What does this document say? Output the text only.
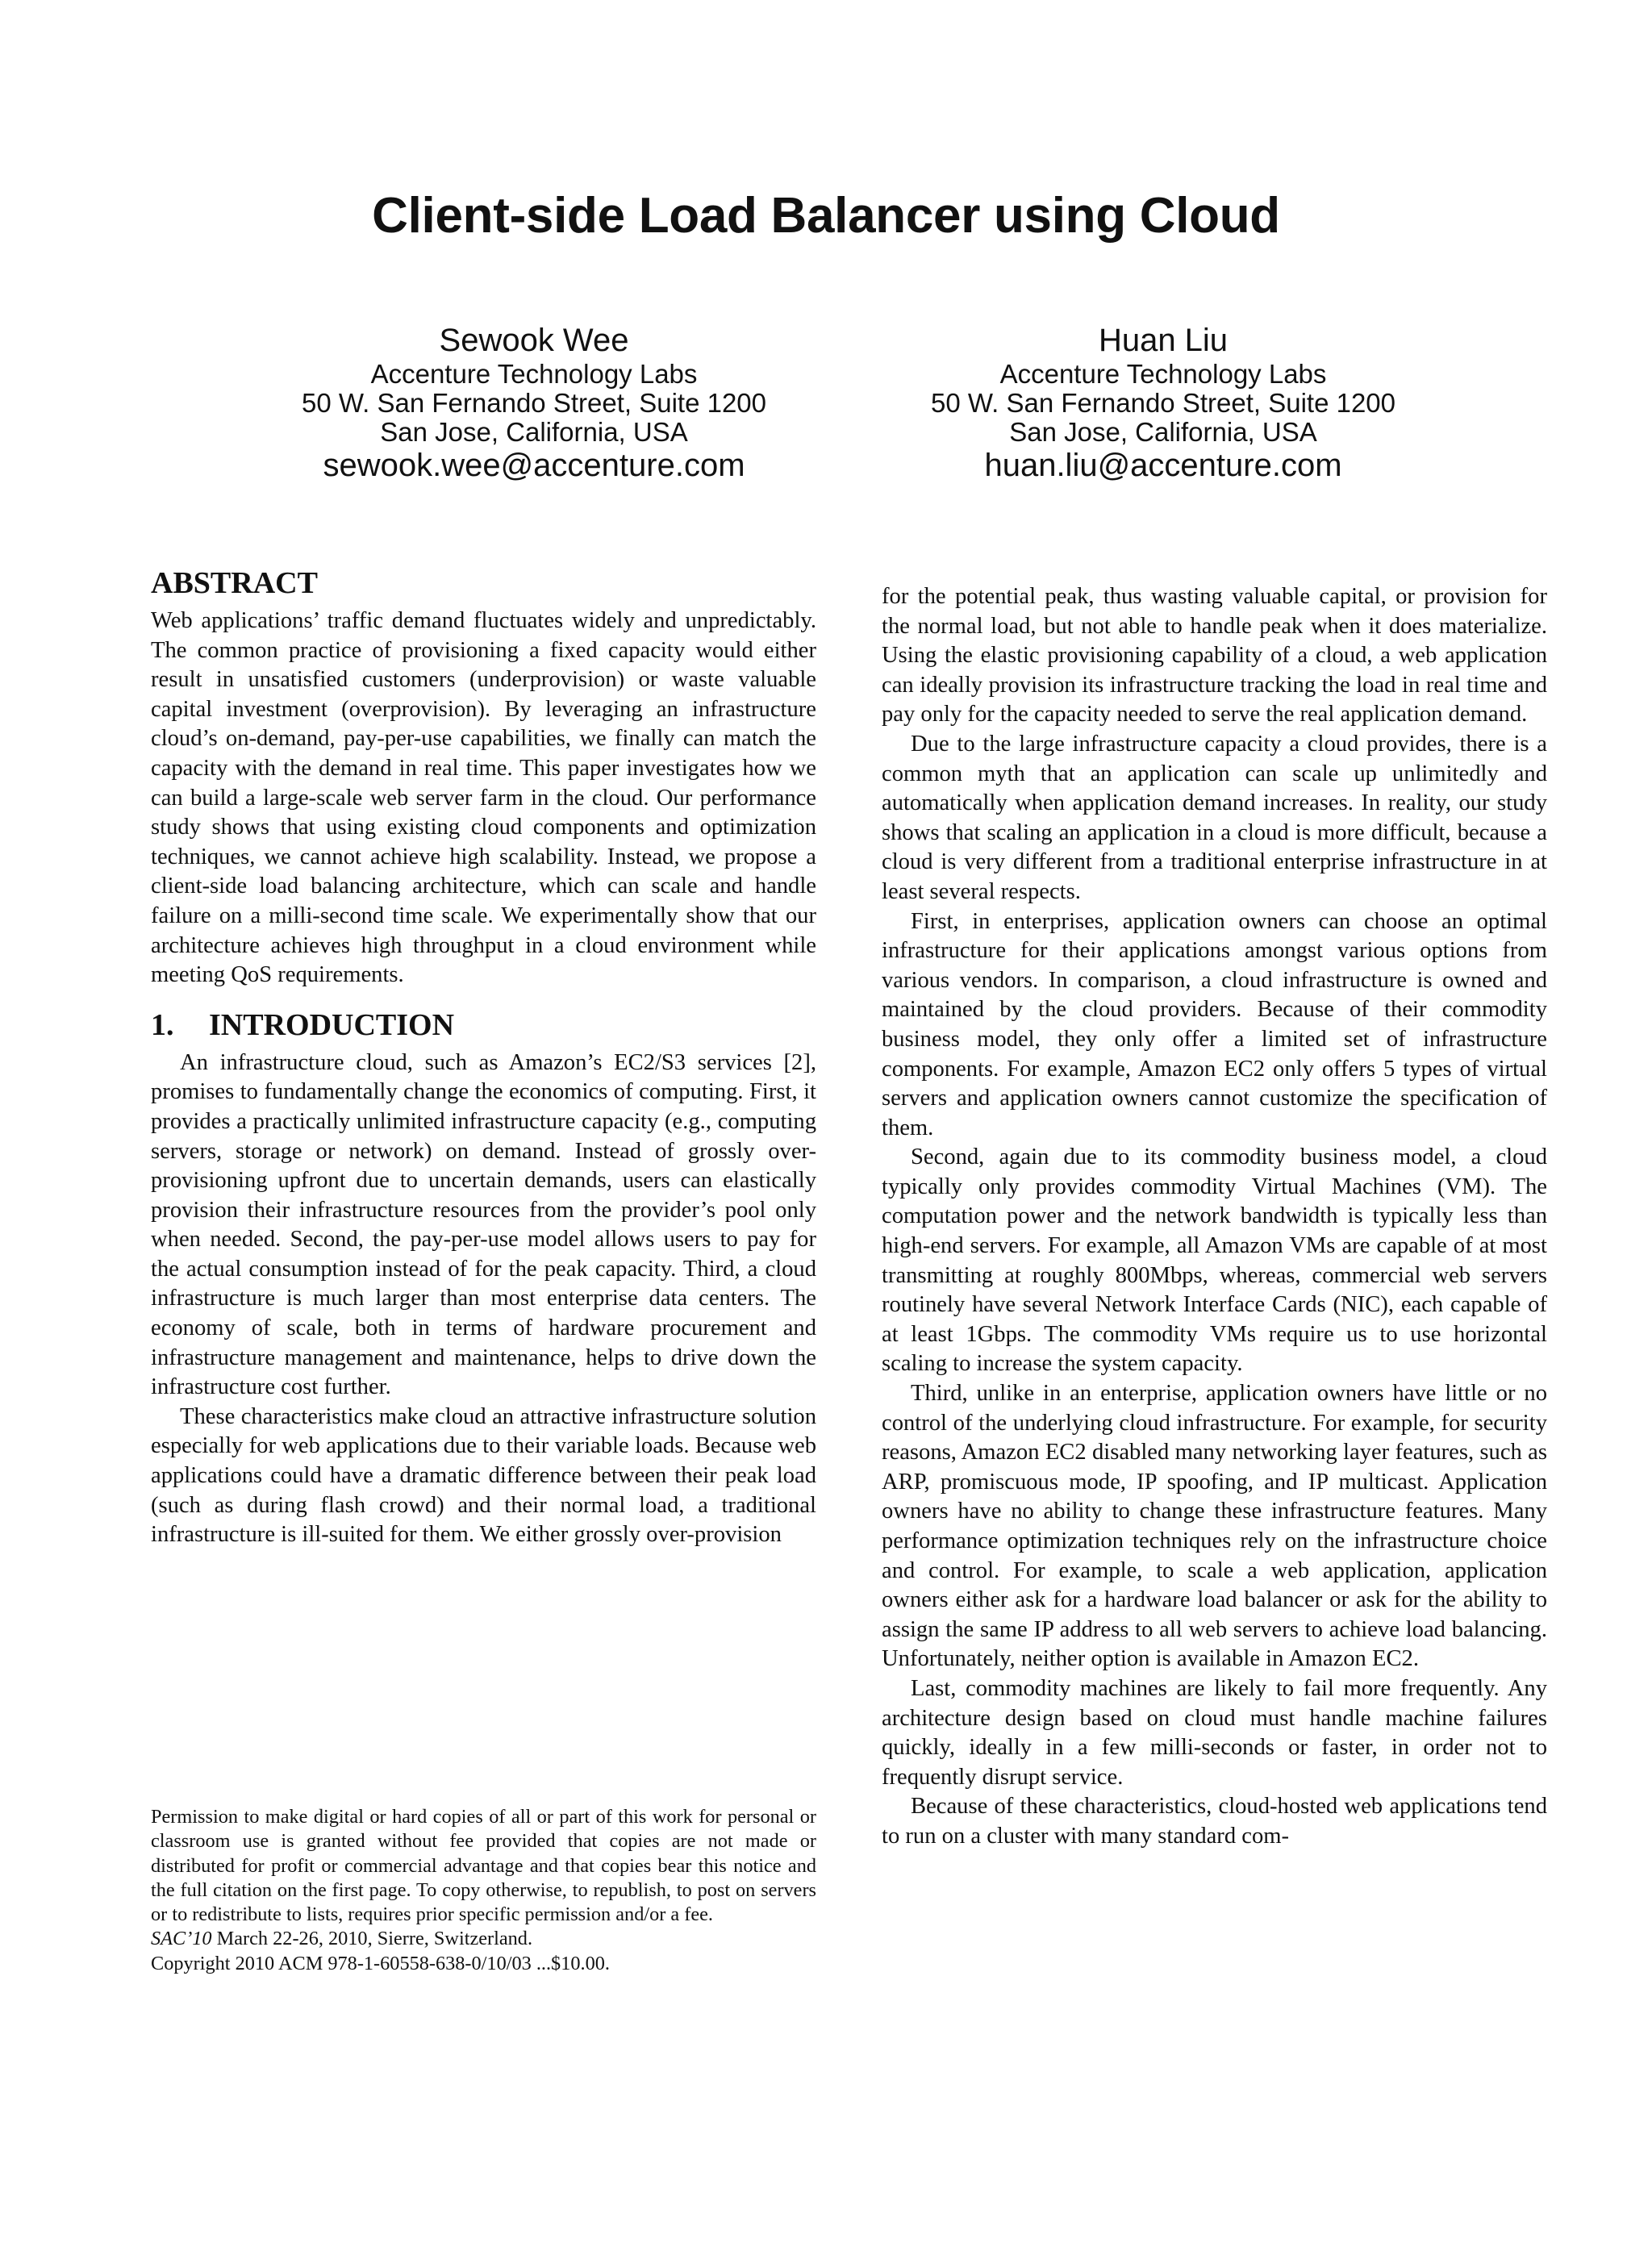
Client-side Load Balancer using Cloud
Sewook Wee
Accenture Technology Labs
50 W. San Fernando Street, Suite 1200
San Jose, California, USA
sewook.wee@accenture.com
Huan Liu
Accenture Technology Labs
50 W. San Fernando Street, Suite 1200
San Jose, California, USA
huan.liu@accenture.com
ABSTRACT

Web applications’ traffic demand fluctuates widely and unpredictably. The common practice of provisioning a fixed capacity would either result in unsatisfied customers (underprovision) or waste valuable capital investment (overprovision). By leveraging an infrastructure cloud’s on-demand, pay-per-use capabilities, we finally can match the capacity with the demand in real time. This paper investigates how we can build a large-scale web server farm in the cloud. Our performance study shows that using existing cloud components and optimization techniques, we cannot achieve high scalability. Instead, we propose a client-side load balancing architecture, which can scale and handle failure on a milli-second time scale. We experimentally show that our architecture achieves high throughput in a cloud environment while meeting QoS requirements.

1. INTRODUCTION

An infrastructure cloud, such as Amazon’s EC2/S3 services [2], promises to fundamentally change the economics of computing. First, it provides a practically unlimited infrastructure capacity (e.g., computing servers, storage or network) on demand. Instead of grossly over-provisioning upfront due to uncertain demands, users can elastically provision their infrastructure resources from the provider’s pool only when needed. Second, the pay-per-use model allows users to pay for the actual consumption instead of for the peak capacity. Third, a cloud infrastructure is much larger than most enterprise data centers. The economy of scale, both in terms of hardware procurement and infrastructure management and maintenance, helps to drive down the infrastructure cost further.

These characteristics make cloud an attractive infrastructure solution especially for web applications due to their variable loads. Because web applications could have a dramatic difference between their peak load (such as during flash crowd) and their normal load, a traditional infrastructure is ill-suited for them. We either grossly over-provision

for the potential peak, thus wasting valuable capital, or provision for the normal load, but not able to handle peak when it does materialize. Using the elastic provisioning capability of a cloud, a web application can ideally provision its infrastructure tracking the load in real time and pay only for the capacity needed to serve the real application demand.

Due to the large infrastructure capacity a cloud provides, there is a common myth that an application can scale up unlimitedly and automatically when application demand increases. In reality, our study shows that scaling an application in a cloud is more difficult, because a cloud is very different from a traditional enterprise infrastructure in at least several respects.

First, in enterprises, application owners can choose an optimal infrastructure for their applications amongst various options from various vendors. In comparison, a cloud infrastructure is owned and maintained by the cloud providers. Because of their commodity business model, they only offer a limited set of infrastructure components. For example, Amazon EC2 only offers 5 types of virtual servers and application owners cannot customize the specification of them.

Second, again due to its commodity business model, a cloud typically only provides commodity Virtual Machines (VM). The computation power and the network bandwidth is typically less than high-end servers. For example, all Amazon VMs are capable of at most transmitting at roughly 800Mbps, whereas, commercial web servers routinely have several Network Interface Cards (NIC), each capable of at least 1Gbps. The commodity VMs require us to use horizontal scaling to increase the system capacity.

Third, unlike in an enterprise, application owners have little or no control of the underlying cloud infrastructure. For example, for security reasons, Amazon EC2 disabled many networking layer features, such as ARP, promiscuous mode, IP spoofing, and IP multicast. Application owners have no ability to change these infrastructure features. Many performance optimization techniques rely on the infrastructure choice and control. For example, to scale a web application, application owners either ask for a hardware load balancer or ask for the ability to assign the same IP address to all web servers to achieve load balancing. Unfortunately, neither option is available in Amazon EC2.

Last, commodity machines are likely to fail more frequently. Any architecture design based on cloud must handle machine failures quickly, ideally in a few milli-seconds or faster, in order not to frequently disrupt service.

Because of these characteristics, cloud-hosted web applications tend to run on a cluster with many standard com-

Permission to make digital or hard copies of all or part of this work for personal or classroom use is granted without fee provided that copies are not made or distributed for profit or commercial advantage and that copies bear this notice and the full citation on the first page. To copy otherwise, to republish, to post on servers or to redistribute to lists, requires prior specific permission and/or a fee.

SAC’10 March 22-26, 2010, Sierre, Switzerland.
Copyright 2010 ACM 978-1-60558-638-0/10/03 ...$10.00.
